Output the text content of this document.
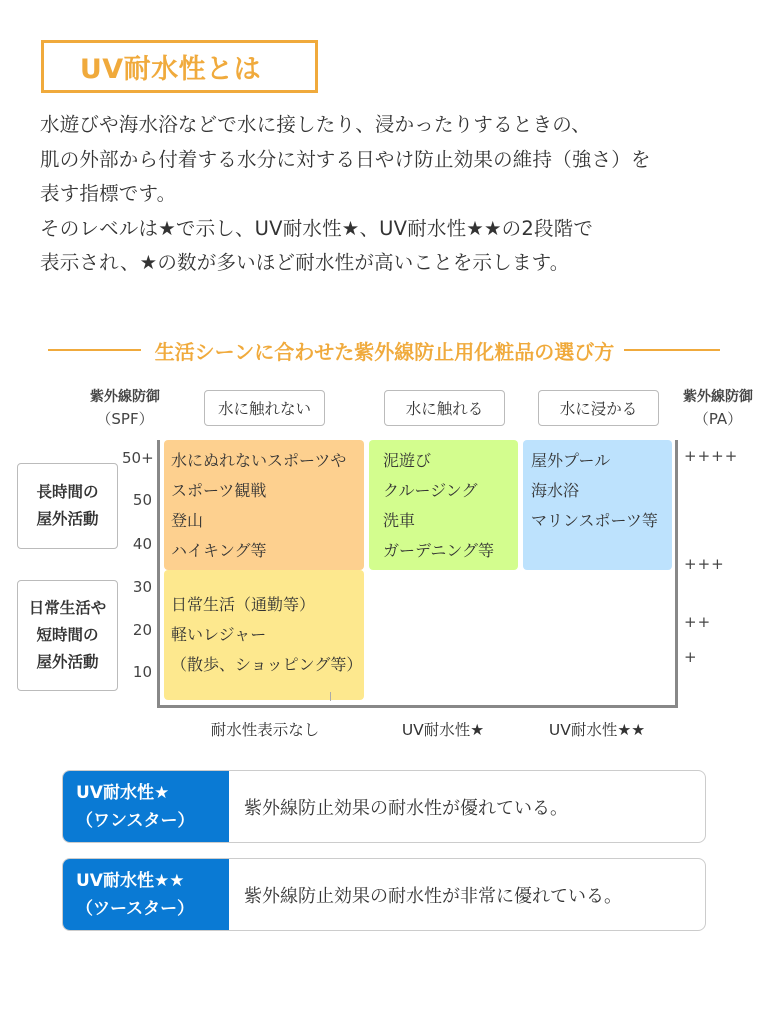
UV耐水性とは

水遊びや海水浴などで水に接したり、浸かったりするときの、

肌の外部から付着する水分に対する日やけ防止効果の維持（強さ）を

表す指標です。

そのレベルは★で示し、UV耐水性★、UV耐水性★★の2段階で

表示され、★の数が多いほど耐水性が高いことを示します。

生活シーンに合わせた紫外線防止用化粧品の選び方
紫外線防御
（SPF）
紫外線防御
（PA）
水に触れない	水に触れる	水に浸かる
長時間の
屋外活動
日常生活や
短時間の
屋外活動
50+
50
40
30
20
10

水にぬれないスポーツや

スポーツ観戦

登山

ハイキング等

泥遊び

クルージング

洗車

ガーデニング等

屋外プール

海水浴

マリンスポーツ等

日常生活（通勤等）

軽いレジャー

（散歩、ショッピング等）

++++
+++
++
+
耐水性表示なし	UV耐水性★	UV耐水性★★
UV耐水性★
（ワンスター）
紫外線防止効果の耐水性が優れている。
UV耐水性★★
（ツースター）
紫外線防止効果の耐水性が非常に優れている。
